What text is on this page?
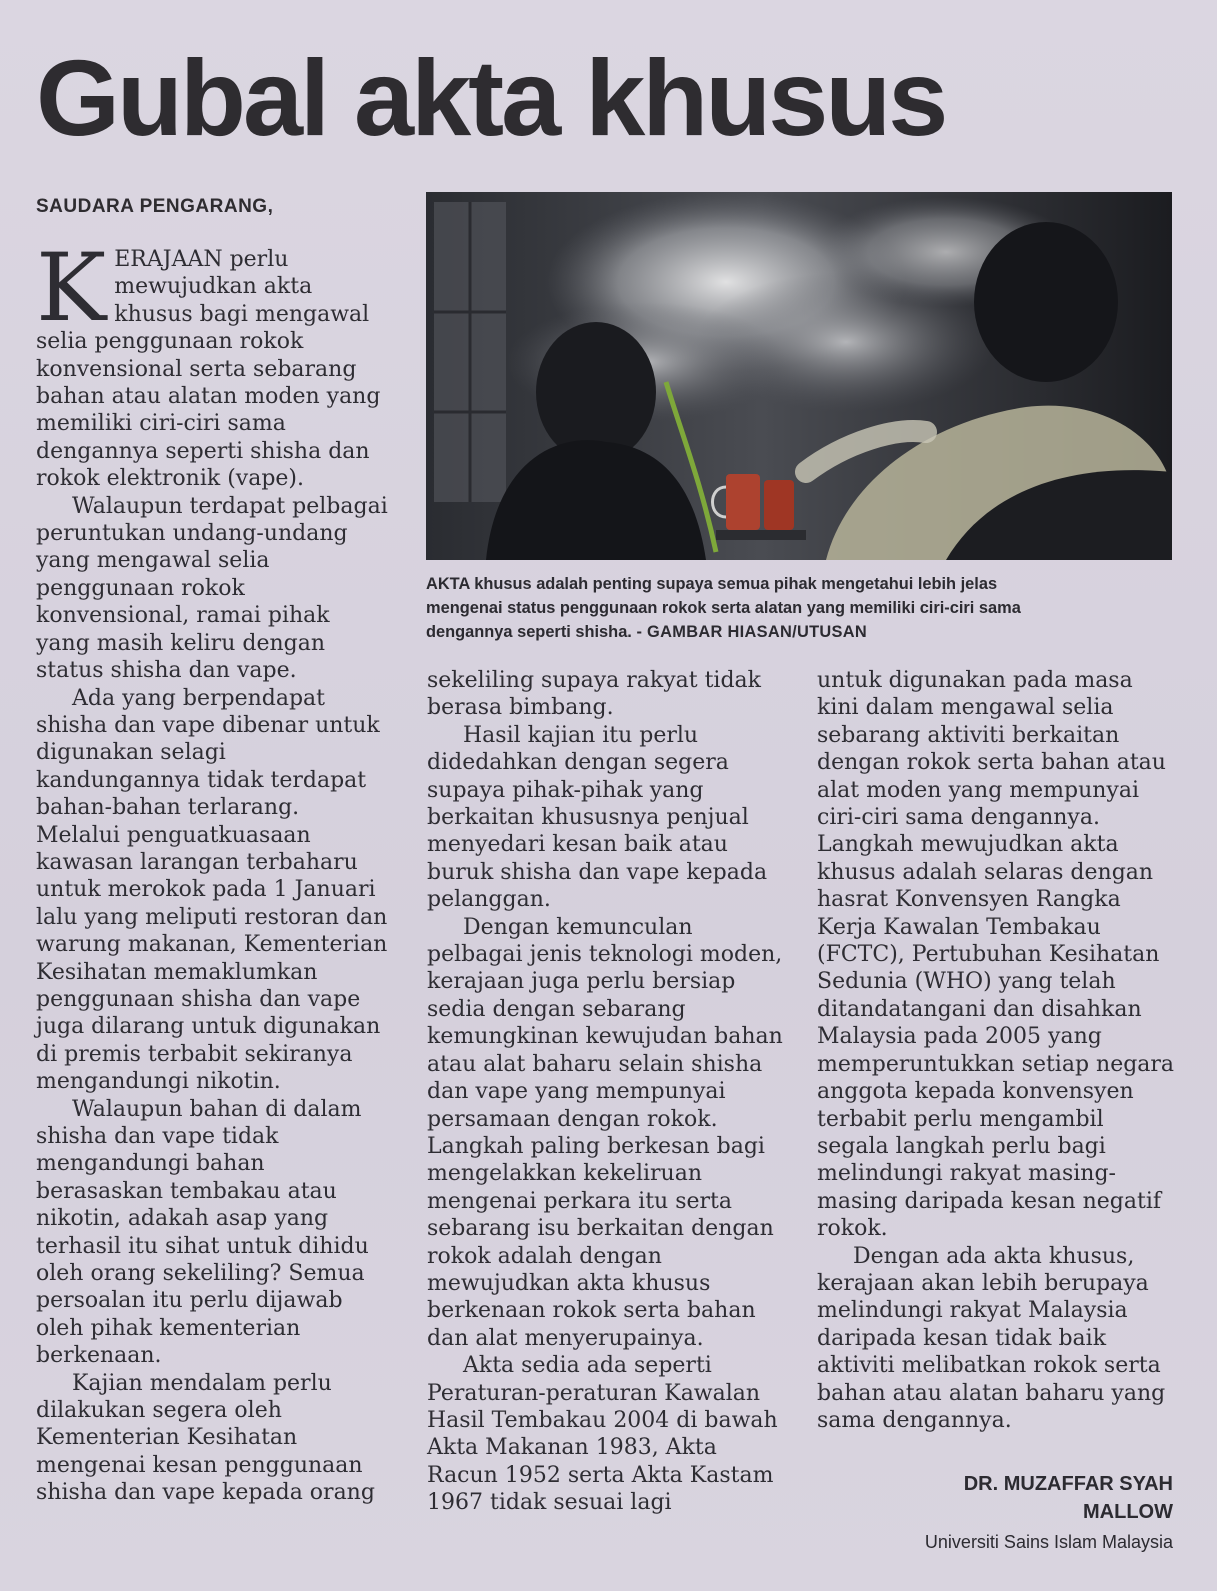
Gubal akta khusus
SAUDARA PENGARANG,

KERAJAAN perlu mewujudkan akta khusus bagi mengawal selia penggunaan rokok konvensional serta sebarang bahan atau alatan moden yang memiliki ciri-ciri sama dengannya seperti shisha dan rokok elektronik (vape).

Walaupun terdapat pelbagai peruntukan undang-undang yang mengawal selia penggunaan rokok konvensional, ramai pihak yang masih keliru dengan status shisha dan vape.

Ada yang berpendapat shisha dan vape dibenar untuk digunakan selagi kandungannya tidak terdapat bahan-bahan terlarang. Melalui penguatkuasaan kawasan larangan terbaharu untuk merokok pada 1 Januari lalu yang meliputi restoran dan warung makanan, Kementerian Kesihatan memaklumkan penggunaan shisha dan vape juga dilarang untuk digunakan di premis terbabit sekiranya mengandungi nikotin.

Walaupun bahan di dalam shisha dan vape tidak mengandungi bahan berasaskan tembakau atau nikotin, adakah asap yang terhasil itu sihat untuk dihidu oleh orang sekeliling? Semua persoalan itu perlu dijawab oleh pihak kementerian berkenaan.

Kajian mendalam perlu dilakukan segera oleh Kementerian Kesihatan mengenai kesan penggunaan shisha dan vape kepada orang

AKTA khusus adalah penting supaya semua pihak mengetahui lebih jelas mengenai status penggunaan rokok serta alatan yang memiliki ciri-ciri sama dengannya seperti shisha. - GAMBAR HIASAN/UTUSAN

sekeliling supaya rakyat tidak berasa bimbang.

Hasil kajian itu perlu didedahkan dengan segera supaya pihak-pihak yang berkaitan khususnya penjual menyedari kesan baik atau buruk shisha dan vape kepada pelanggan.

Dengan kemunculan pelbagai jenis teknologi moden, kerajaan juga perlu bersiap sedia dengan sebarang kemungkinan kewujudan bahan atau alat baharu selain shisha dan vape yang mempunyai persamaan dengan rokok. Langkah paling berkesan bagi mengelakkan kekeliruan mengenai perkara itu serta sebarang isu berkaitan dengan rokok adalah dengan mewujudkan akta khusus berkenaan rokok serta bahan dan alat menyerupainya.

Akta sedia ada seperti Peraturan-peraturan Kawalan Hasil Tembakau 2004 di bawah Akta Makanan 1983, Akta Racun 1952 serta Akta Kastam 1967 tidak sesuai lagi

untuk digunakan pada masa kini dalam mengawal selia sebarang aktiviti berkaitan dengan rokok serta bahan atau alat moden yang mempunyai ciri-ciri sama dengannya. Langkah mewujudkan akta khusus adalah selaras dengan hasrat Konvensyen Rangka Kerja Kawalan Tembakau (FCTC), Pertubuhan Kesihatan Sedunia (WHO) yang telah ditandatangani dan disahkan Malaysia pada 2005 yang memperuntukkan setiap negara anggota kepada konvensyen terbabit perlu mengambil segala langkah perlu bagi melindungi rakyat masing-masing daripada kesan negatif rokok.

Dengan ada akta khusus, kerajaan akan lebih berupaya melindungi rakyat Malaysia daripada kesan tidak baik aktiviti melibatkan rokok serta bahan atau alatan baharu yang sama dengannya.

DR. MUZAFFAR SYAH MALLOW
Universiti Sains Islam Malaysia
